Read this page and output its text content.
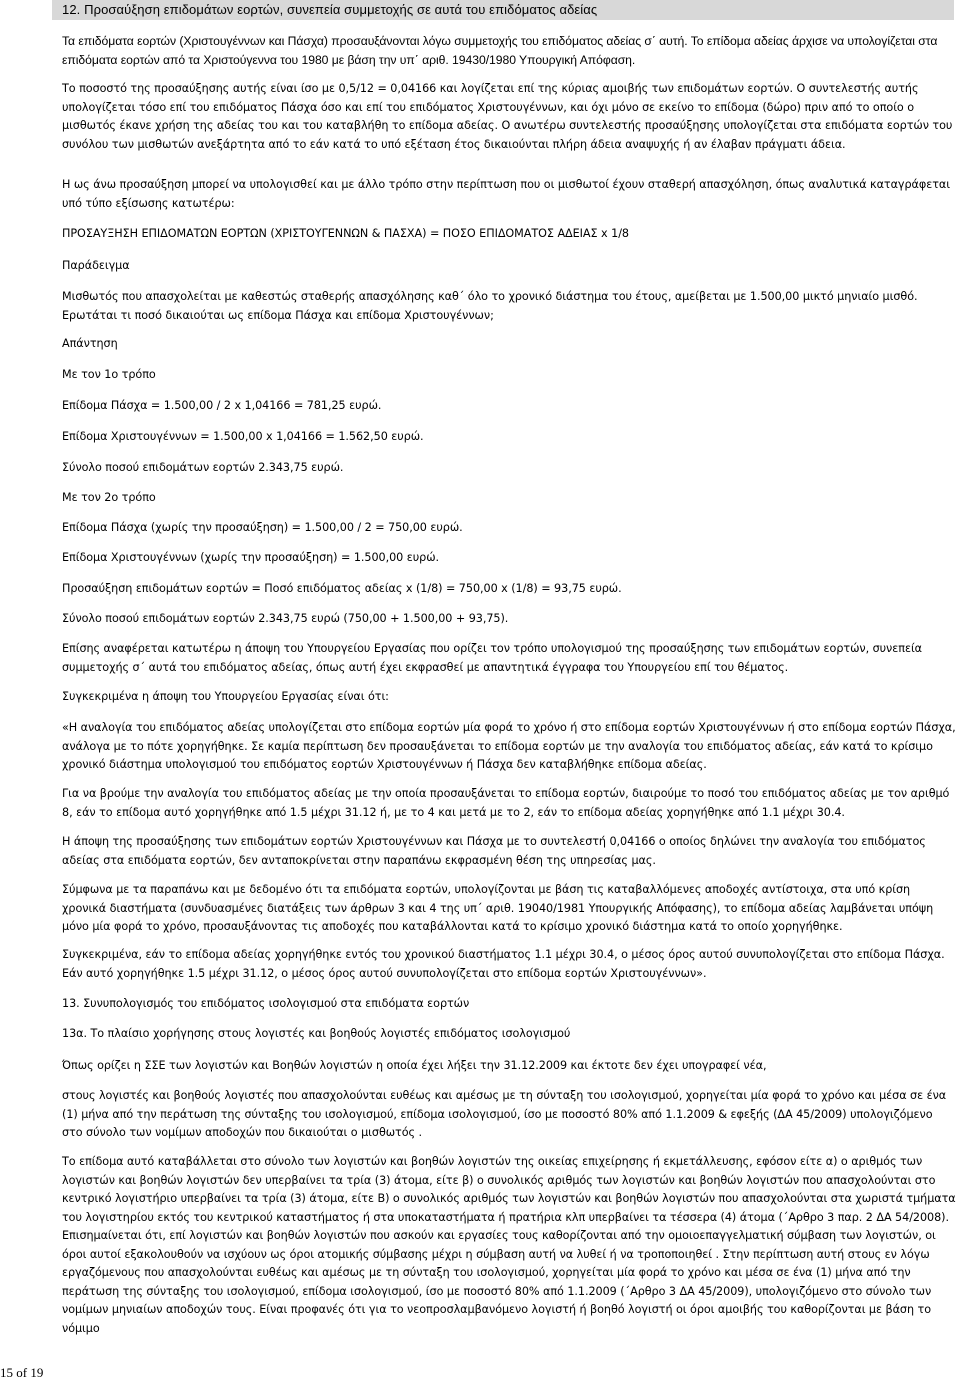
12. Προσαύξηση επιδομάτων εορτών, συνεπεία συμμετοχής σε αυτά του επιδόματος αδείας

Τα επιδόματα εορτών (Χριστουγέννων και Πάσχα) προσαυξάνονται λόγω συμμετοχής του επιδόματος αδείας σ΄ αυτή. Το επίδομα αδείας άρχισε να υπολογίζεται στα επιδόματα εορτών από τα Χριστούγεννα του 1980 με βάση την υπ΄ αριθ. 19430/1980 Υπουργική Απόφαση.

Το ποσοστό της προσαύξησης αυτής είναι ίσο με 0,5/12 = 0,04166 και λογίζεται επί της κύριας αμοιβής των επιδομάτων εορτών. Ο συντελεστής αυτής υπολογίζεται τόσο επί του επιδόματος Πάσχα όσο και επί του επιδόματος Χριστουγέννων, και όχι μόνο σε εκείνο το επίδομα (δώρο) πριν από το οποίο ο μισθωτός έκανε χρήση της αδείας του και του καταβλήθη το επίδομα αδείας. Ο ανωτέρω συντελεστής προσαύξησης υπολογίζεται στα επιδόματα εορτών του συνόλου των μισθωτών ανεξάρτητα από το εάν κατά το υπό εξέταση έτος δικαιούνται πλήρη άδεια αναψυχής ή αν έλαβαν πράγματι άδεια.

Η ως άνω προσαύξηση μπορεί να υπολογισθεί και με άλλο τρόπο στην περίπτωση που οι μισθωτοί έχουν σταθερή απασχόληση, όπως αναλυτικά καταγράφεται υπό τύπο εξίσωσης κατωτέρω:

ΠΡΟΣΑΥΞΗΣΗ ΕΠΙΔΟΜΑΤΩΝ ΕΟΡΤΩΝ (ΧΡΙΣΤΟΥΓΕΝΝΩΝ & ΠΑΣΧΑ) = ΠΟΣΟ ΕΠΙΔΟΜΑΤΟΣ ΑΔΕΙΑΣ x 1/8

Παράδειγμα

Μισθωτός που απασχολείται με καθεστώς σταθερής απασχόλησης καθ΄ όλο το χρονικό διάστημα του έτους, αμείβεται με 1.500,00 μικτό μηνιαίο μισθό. Ερωτάται τι ποσό δικαιούται ως επίδομα Πάσχα και επίδομα Χριστουγέννων;

Απάντηση

Με τον 1ο τρόπο

Επίδομα Πάσχα = 1.500,00 / 2 x 1,04166 = 781,25 ευρώ.

Επίδομα Χριστουγέννων = 1.500,00 x 1,04166 = 1.562,50 ευρώ.

Σύνολο ποσού επιδομάτων εορτών 2.343,75 ευρώ.

Με τον 2ο τρόπο

Επίδομα Πάσχα (χωρίς την προσαύξηση) = 1.500,00 / 2 = 750,00 ευρώ.

Επίδομα Χριστουγέννων (χωρίς την προσαύξηση) = 1.500,00 ευρώ.

Προσαύξηση επιδομάτων εορτών = Ποσό επιδόματος αδείας x (1/8) = 750,00 x (1/8) = 93,75 ευρώ.

Σύνολο ποσού επιδομάτων εορτών 2.343,75 ευρώ (750,00 + 1.500,00 + 93,75).

Επίσης αναφέρεται κατωτέρω η άποψη του Υπουργείου Εργασίας που ορίζει τον τρόπο υπολογισμού της προσαύξησης των επιδομάτων εορτών, συνεπεία συμμετοχής σ΄ αυτά του επιδόματος αδείας, όπως αυτή έχει εκφρασθεί με απαντητικά έγγραφα του Υπουργείου επί του θέματος.

Συγκεκριμένα η άποψη του Υπουργείου Εργασίας είναι ότι:

«Η αναλογία του επιδόματος αδείας υπολογίζεται στο επίδομα εορτών μία φορά το χρόνο ή στο επίδομα εορτών Χριστουγέννων ή στο επίδομα εορτών Πάσχα, ανάλογα με το πότε χορηγήθηκε. Σε καμία περίπτωση δεν προσαυξάνεται το επίδομα εορτών με την αναλογία του επιδόματος αδείας, εάν κατά το κρίσιμο χρονικό διάστημα υπολογισμού του επιδόματος εορτών Χριστουγέννων ή Πάσχα δεν καταβλήθηκε επίδομα αδείας.

Για να βρούμε την αναλογία του επιδόματος αδείας με την οποία προσαυξάνεται το επίδομα εορτών, διαιρούμε το ποσό του επιδόματος αδείας με τον αριθμό 8, εάν το επίδομα αυτό χορηγήθηκε από 1.5 μέχρι 31.12 ή, με το 4 και μετά με το 2, εάν το επίδομα αδείας χορηγήθηκε από 1.1 μέχρι 30.4.

Η άποψη της προσαύξησης των επιδομάτων εορτών Χριστουγέννων και Πάσχα με το συντελεστή 0,04166 ο οποίος δηλώνει την αναλογία του επιδόματος αδείας στα επιδόματα εορτών, δεν ανταποκρίνεται στην παραπάνω εκφρασμένη θέση της υπηρεσίας μας.

Σύμφωνα με τα παραπάνω και με δεδομένο ότι τα επιδόματα εορτών, υπολογίζονται με βάση τις καταβαλλόμενες αποδοχές αντίστοιχα, στα υπό κρίση χρονικά διαστήματα (συνδυασμένες διατάξεις των άρθρων 3 και 4 της υπ΄ αριθ. 19040/1981 Υπουργικής Απόφασης), το επίδομα αδείας λαμβάνεται υπόψη μόνο μία φορά το χρόνο, προσαυξάνοντας τις αποδοχές που καταβάλλονται κατά το κρίσιμο χρονικό διάστημα κατά το οποίο χορηγήθηκε.

Συγκεκριμένα, εάν το επίδομα αδείας χορηγήθηκε εντός του χρονικού διαστήματος 1.1 μέχρι 30.4, ο μέσος όρος αυτού συνυπολογίζεται στο επίδομα Πάσχα. Εάν αυτό χορηγήθηκε 1.5 μέχρι 31.12, ο μέσος όρος αυτού συνυπολογίζεται στο επίδομα εορτών Χριστουγέννων».

13. Συνυπολογισμός του επιδόματος ισολογισμού στα επιδόματα εορτών

13α. Το πλαίσιο χορήγησης στους λογιστές και βοηθούς λογιστές επιδόματος ισολογισμού

Όπως ορίζει η ΣΣΕ των λογιστών και Βοηθών λογιστών η οποία έχει λήξει την 31.12.2009 και έκτοτε δεν έχει υπογραφεί νέα,

στους λογιστές και βοηθούς λογιστές που απασχολούνται ευθέως και αμέσως με τη σύνταξη του ισολογισμού, χορηγείται μία φορά το χρόνο και μέσα σε ένα (1) μήνα από την περάτωση της σύνταξης του ισολογισμού, επίδομα ισολογισμού, ίσο με ποσοστό 80% από 1.1.2009 & εφεξής (ΔΑ 45/2009) υπολογιζόμενο στο σύνολο των νομίμων αποδοχών που δικαιούται ο μισθωτός .

Το επίδομα αυτό καταβάλλεται στο σύνολο των λογιστών και βοηθών λογιστών της οικείας επιχείρησης ή εκμετάλλευσης, εφόσον είτε α) ο αριθμός των λογιστών και βοηθών λογιστών δεν υπερβαίνει τα τρία (3) άτομα, είτε β) ο συνολικός αριθμός των λογιστών και βοηθών λογιστών που απασχολούνται στο κεντρικό λογιστήριο υπερβαίνει τα τρία (3) άτομα, είτε Β) ο συνολικός αριθμός των λογιστών και βοηθών λογιστών που απασχολούνται στα χωριστά τμήματα του λογιστηρίου εκτός του κεντρικού καταστήματος ή στα υποκαταστήματα ή πρατήρια κλπ υπερβαίνει τα τέσσερα (4) άτομα (΄Αρθρο 3 παρ. 2 ΔΑ 54/2008). Επισημαίνεται ότι, επί λογιστών και βοηθών λογιστών που ασκούν και εργασίες τους καθορίζονται από την ομοιοεπαγγελματική σύμβαση των λογιστών, οι όροι αυτοί εξακολουθούν να ισχύουν ως όροι ατομικής σύμβασης μέχρι η σύμβαση αυτή να λυθεί ή να τροποποιηθεί . Στην περίπτωση αυτή στους εν λόγω εργαζόμενους που απασχολούνται ευθέως και αμέσως με τη σύνταξη του ισολογισμού, χορηγείται μία φορά το χρόνο και μέσα σε ένα (1) μήνα από την περάτωση της σύνταξης του ισολογισμού, επίδομα ισολογισμού, ίσο με ποσοστό 80% από 1.1.2009 (΄Αρθρο 3 ΔΑ 45/2009), υπολογιζόμενο στο σύνολο των νομίμων μηνιαίων αποδοχών τους. Είναι προφανές ότι για το νεοπροσλαμβανόμενο λογιστή ή βοηθό λογιστή οι όροι αμοιβής του καθορίζονται με βάση το νόμιμο

15 of 19
